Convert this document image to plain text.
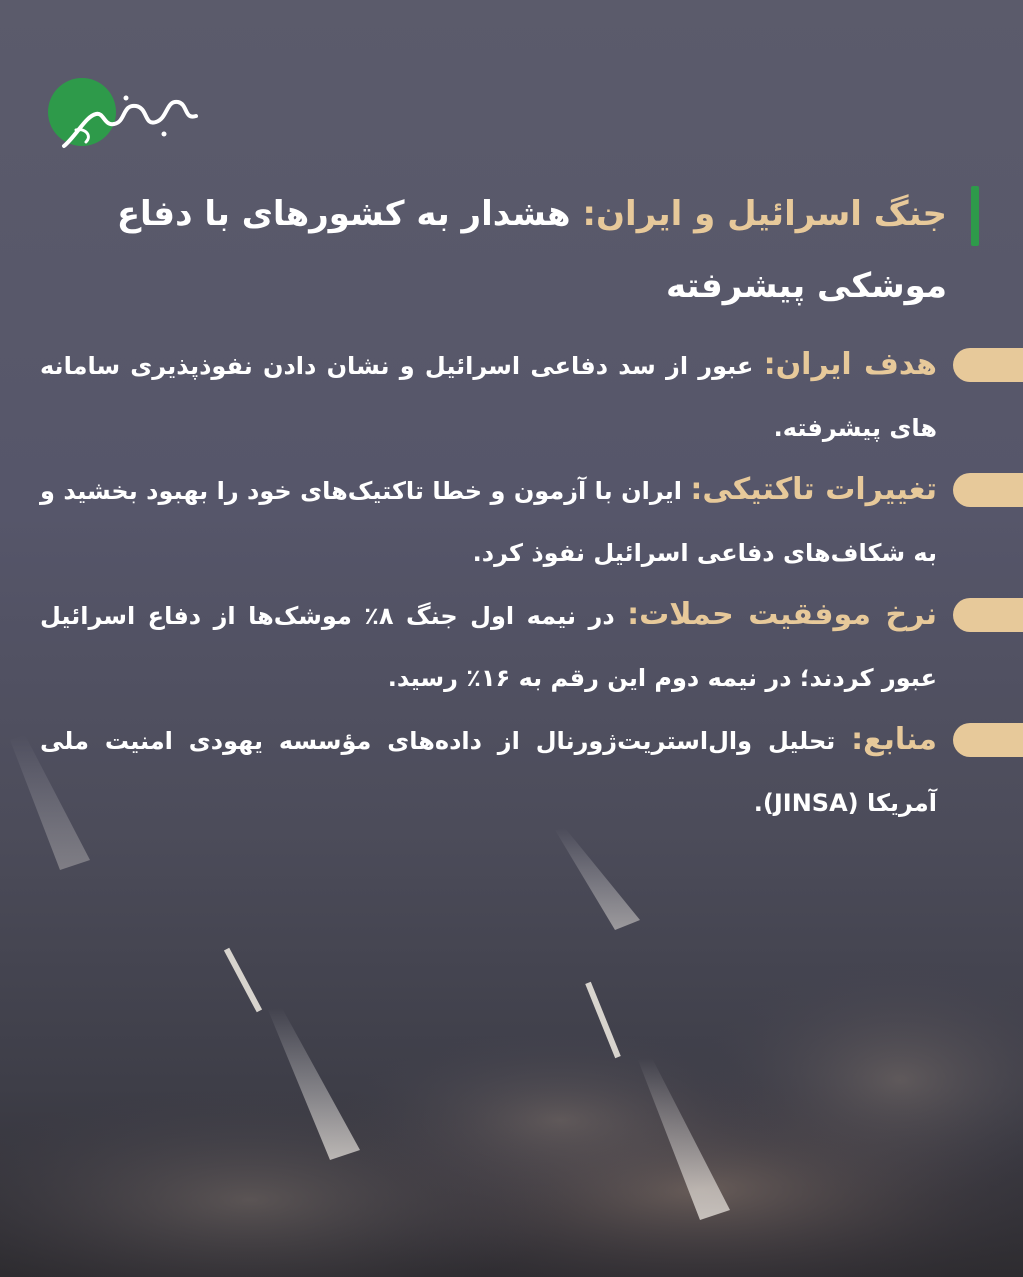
جنگ اسرائیل و ایران: هشدار به کشورهای با دفاع موشکی پیشرفته

هدف ایران: عبور از سد دفاعی اسرائیل و نشان دادن نفوذپذیری سامانه های پیشرفته.

تغییرات تاکتیکی: ایران با آزمون و خطا تاکتیک‌های خود را بهبود بخشید و به شکاف‌های دفاعی اسرائیل نفوذ کرد.

نرخ موفقیت حملات: در نیمه اول جنگ ۸٪ موشک‌ها از دفاع اسرائیل عبور کردند؛ در نیمه دوم این رقم به ۱۶٪ رسید.

منابع: تحلیل وال‌استریت‌ژورنال از داده‌های مؤسسه یهودی امنیت ملی آمریکا (JINSA).
